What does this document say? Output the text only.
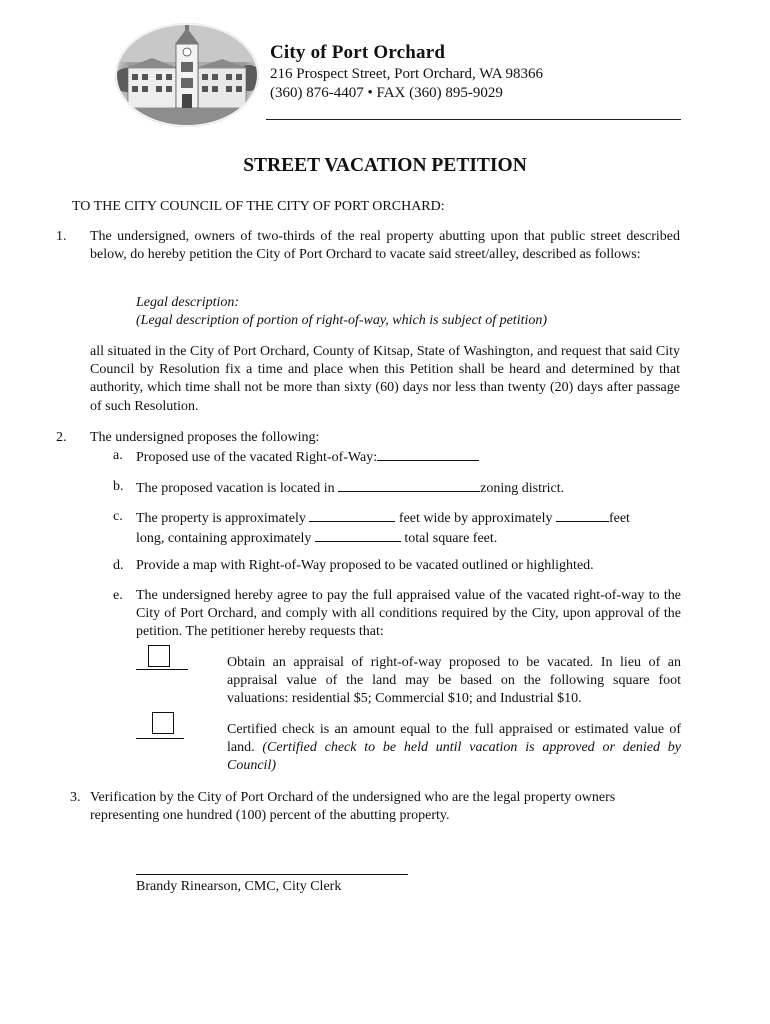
City of Port Orchard
216 Prospect Street, Port Orchard, WA 98366
(360) 876-4407 • FAX (360) 895-9029
STREET VACATION PETITION
TO THE CITY COUNCIL OF THE CITY OF PORT ORCHARD:
1. The undersigned, owners of two-thirds of the real property abutting upon that public street described below, do hereby petition the City of Port Orchard to vacate said street/alley, described as follows:
Legal description:
(Legal description of portion of right-of-way, which is subject of petition)
all situated in the City of Port Orchard, County of Kitsap, State of Washington, and request that said City Council by Resolution fix a time and place when this Petition shall be heard and determined by that authority, which time shall not be more than sixty (60) days nor less than twenty (20) days after passage of such Resolution.
2. The undersigned proposes the following:
a. Proposed use of the vacated Right-of-Way:
b. The proposed vacation is located in	zoning district.
c. The property is approximately	feet wide by approximately	feet
long, containing approximately	total square feet.
d. Provide a map with Right-of-Way proposed to be vacated outlined or highlighted.
e. The undersigned hereby agree to pay the full appraised value of the vacated right-of-way to the City of Port Orchard, and comply with all conditions required by the City, upon approval of the petition. The petitioner hereby requests that:
Obtain an appraisal of right-of-way proposed to be vacated. In lieu of an appraisal value of the land may be based on the following square foot valuations: residential $5; Commercial $10; and Industrial $10.
Certified check is an amount equal to the full appraised or estimated value of land. (Certified check to be held until vacation is approved or denied by Council)
3. Verification by the City of Port Orchard of the undersigned who are the legal property owners representing one hundred (100) percent of the abutting property.
Brandy Rinearson, CMC, City Clerk
